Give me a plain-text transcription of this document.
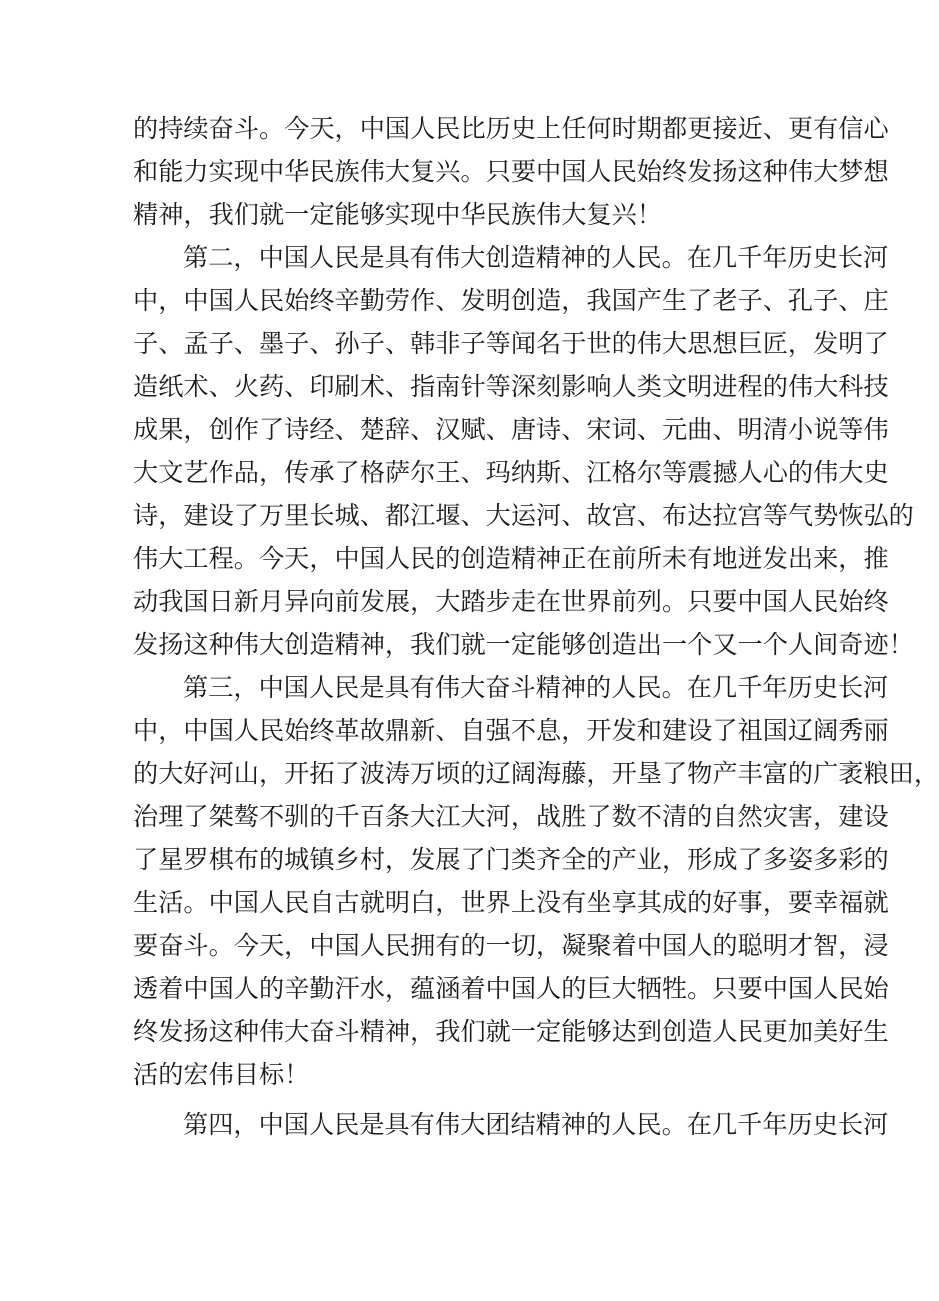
的持续奋斗。今天，中国人民比历史上任何时期都更接近、更有信心
和能力实现中华民族伟大复兴。只要中国人民始终发扬这种伟大梦想
精神，我们就一定能够实现中华民族伟大复兴！
第二，中国人民是具有伟大创造精神的人民。在几千年历史长河
中，中国人民始终辛勤劳作、发明创造，我国产生了老子、孔子、庄
子、孟子、墨子、孙子、韩非子等闻名于世的伟大思想巨匠，发明了
造纸术、火药、印刷术、指南针等深刻影响人类文明进程的伟大科技
成果，创作了诗经、楚辞、汉赋、唐诗、宋词、元曲、明清小说等伟
大文艺作品，传承了格萨尔王、玛纳斯、江格尔等震撼人心的伟大史
诗，建设了万里长城、都江堰、大运河、故宫、布达拉宫等气势恢弘的
伟大工程。今天，中国人民的创造精神正在前所未有地迸发出来，推
动我国日新月异向前发展，大踏步走在世界前列。只要中国人民始终
发扬这种伟大创造精神，我们就一定能够创造出一个又一个人间奇迹！
第三，中国人民是具有伟大奋斗精神的人民。在几千年历史长河
中，中国人民始终革故鼎新、自强不息，开发和建设了祖国辽阔秀丽
的大好河山，开拓了波涛万顷的辽阔海藤，开垦了物产丰富的广袤粮田，
治理了桀骜不驯的千百条大江大河，战胜了数不清的自然灾害，建设
了星罗棋布的城镇乡村，发展了门类齐全的产业，形成了多姿多彩的
生活。中国人民自古就明白，世界上没有坐享其成的好事，要幸福就
要奋斗。今天，中国人民拥有的一切，凝聚着中国人的聪明才智，浸
透着中国人的辛勤汗水，蕴涵着中国人的巨大牺牲。只要中国人民始
终发扬这种伟大奋斗精神，我们就一定能够达到创造人民更加美好生
活的宏伟目标！
第四，中国人民是具有伟大团结精神的人民。在几千年历史长河
